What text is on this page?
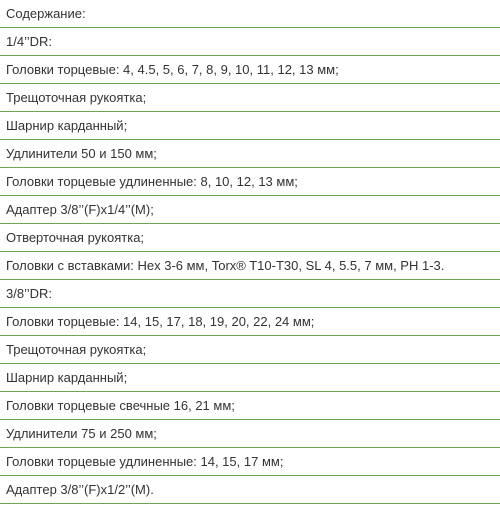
Содержание:
1/4’’DR:
Головки торцевые: 4, 4.5, 5, 6, 7, 8, 9, 10, 11, 12, 13 мм;
Трещоточная рукоятка;
Шарнир карданный;
Удлинители 50 и 150 мм;
Головки торцевые удлиненные: 8, 10, 12, 13 мм;
Адаптер 3/8’’(F)x1/4’’(M);
Отверточная рукоятка;
Головки с вставками: Hex 3-6 мм, Torx® T10-T30, SL 4, 5.5, 7 мм, PH 1-3.
3/8’’DR:
Головки торцевые: 14, 15, 17, 18, 19, 20, 22, 24 мм;
Трещоточная рукоятка;
Шарнир карданный;
Головки торцевые свечные 16, 21 мм;
Удлинители 75 и 250 мм;
Головки торцевые удлиненные: 14, 15, 17 мм;
Адаптер 3/8’’(F)x1/2’’(M).
